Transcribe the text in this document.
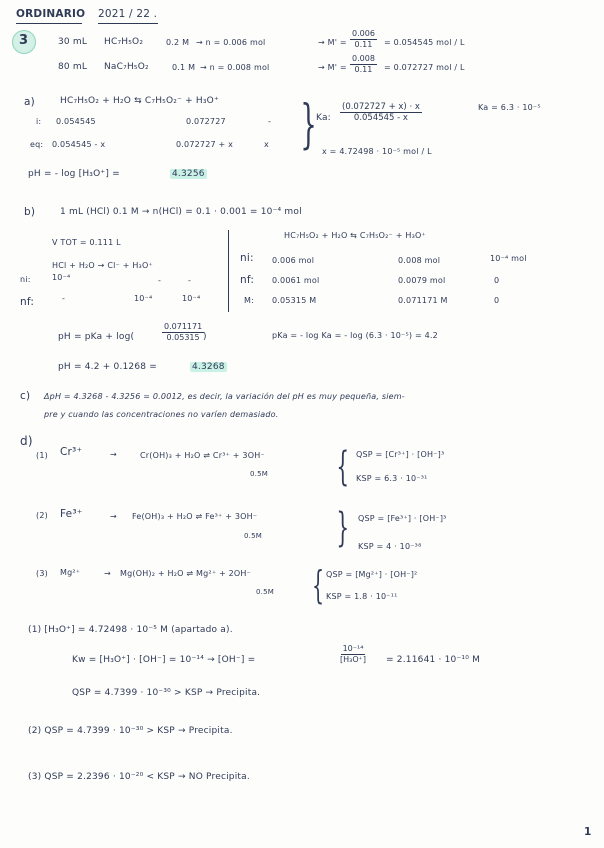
ORDINARIO 2021 / 22 .
3	30 mL HC₇H₅O₂	0.2 M → n = 0.006 mol	→ $M' = \frac{0.006}{0.11} = 0.054545$ mol / L
80 mL NaC₇H₅O₂	0.1 M → n = 0.008 mol	→ $M' = \frac{0.008}{0.11} = 0.072727$ mol / L
a)	HC₇H₅O₂ + H₂O ⇆ C₇H₅O₂⁻ + H₃O⁺
i: 0.054545	0.072727	-
eq: 0.054545 - x	0.072727 + x	x } Ka: $\frac{(0.072727 + x) \cdot x}{0.054545 - x}$	Ka = 6.3 · 10⁻⁵
x = 4.72498 · 10⁻⁵ mol / L
pH = - log [H₃O⁺] =	4.3256
b)	1 mL (HCl) 0.1 M → n(HCl) = 0.1 · 0.001 = 10⁻⁴ mol
V TOT = 0.111 L
HCl + H₂O → Cl⁻ + H₃O⁺
ni:	10⁻⁴	-	-
nf:	-	10⁻⁴	10⁻⁴
HC₇H₅O₂ + H₂O ⇆ C₇H₅O₂⁻ + H₃O⁺
ni: 0.006 mol	0.008 mol	10⁻⁴ mol
nf: 0.0061 mol	0.0079 mol	0
M: 0.05315 M	0.071171 M	0
pH = pKa + log(	$\frac{0.071171}{0.05315}$
)	pKa = - log Ka = - log (6.3 · 10⁻⁵) = 4.2
pH = 4.2 + 0.1268 =	4.3268
c) ΔpH = 4.3268 - 4.3256 = 0.0012, es decir, la variación del pH es muy pequeña, siem-
pre y cuando las concentraciones no varíen demasiado.
d)
(1) Cr³⁺	→	Cr(OH)₃ + H₂O ⇌ Cr³⁺ + 3OH⁻
0.5M { QSP = [Cr³⁺] · [OH⁻]³
KSP = 6.3 · 10⁻³¹
(2) Fe³⁺	→ Fe(OH)₃ + H₂O ⇌ Fe³⁺ + 3OH⁻
0.5M } QSP = [Fe³⁺] · [OH⁻]³
KSP = 4 · 10⁻³⁸
(3) Mg²⁺	→ Mg(OH)₂ + H₂O ⇌ Mg²⁺ + 2OH⁻
0.5M { QSP = [Mg²⁺] · [OH⁻]²
KSP = 1.8 · 10⁻¹¹
(1) [H₃O⁺] = 4.72498 · 10⁻⁵ M (apartado a).
Kw = [H₃O⁺] · [OH⁻] = 10⁻¹⁴ → [OH⁻] =	$\frac{\text{10⁻¹⁴}}{\text{[H₃O⁺]}} = 2.11641 \cdot 10^{-10}$ M
QSP = 4.7399 · 10⁻³⁰ > KSP → Precipita.
(2) QSP = 4.7399 · 10⁻³⁰ > KSP → Precipita.
(3) QSP = 2.2396 · 10⁻²⁰ < KSP → NO Precipita.
1
